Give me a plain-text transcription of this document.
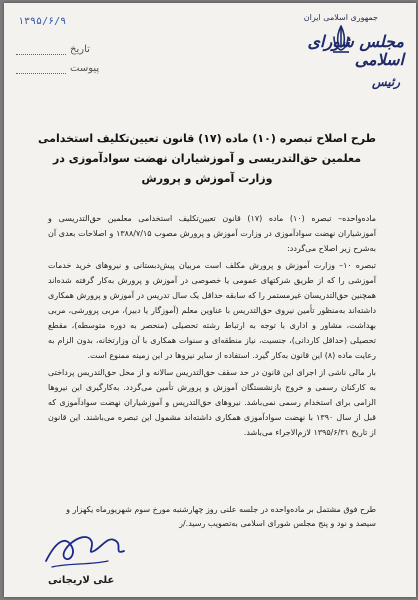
جمهوری اسلامی ایران
مجلس شورای اسلامی
رئیس
۱۳۹۵/۶/۹
تاریخ
پیوست

طرح اصلاح تبصره (۱۰) ماده (۱۷) قانون تعیین‌تکلیف استخدامی

معلمین حق‌التدریسی و آموزشیاران نهضت سوادآموزی در

وزارت آموزش و پرورش

ماده‌واحده– تبصره (۱۰) ماده (۱۷) قانون تعیین‌تکلیف استخدامی معلمین حق‌التدریسی و آموزشیاران نهضت سوادآموزی در وزارت آموزش و پرورش مصوب ۱۳۸۸/۷/۱۵ و اصلاحات بعدی آن به‌شرح زیر اصلاح می‌گردد:

تبصره ۱۰– وزارت آموزش و پرورش مکلف است مربیان پیش‌دبستانی و نیروهای خرید خدمات آموزشی را که از طریق شرکتهای عمومی یا خصوصی در آموزش و پرورش به‌کار گرفته شده‌اند همچنین حق‌التدریسان غیرمستمر را که سابقه حداقل یک سال تدریس در آموزش و پرورش همکاری داشته‌اند به‌منظور تأمین نیروی حق‌التدریس با عناوین معلم (آموزگار یا دبیر)، مربی پرورشی، مربی بهداشت، مشاور و اداری با توجه به ارتباط رشته تحصیلی (منحصر به دوره متوسطه)، مقطع تحصیلی (حداقل کاردانی)، جنسیت، نیاز منطقه‌ای و سنوات همکاری با آن وزارتخانه، بدون الزام به رعایت ماده (۸) این قانون به‌کار گیرد. استفاده از سایر نیروها در این زمینه ممنوع است.

بار مالی ناشی از اجرای این قانون در حد سقف حق‌التدریس سالانه و از محل حق‌التدریس پرداختی به کارکنان رسمی و خروج بازنشستگان آموزش و پرورش تأمین می‌گردد. به‌کارگیری این نیروها الزامی برای استخدام رسمی نمی‌باشد. نیروهای حق‌التدریس و آموزشیاران نهضت سوادآموزی که قبل از سال ۱۳۹۰ با نهضت سوادآموزی همکاری داشته‌اند مشمول این تبصره می‌باشند. این قانون از تاریخ ۱۳۹۵/۶/۳۱ لازم‌الاجراء می‌باشد.

طرح فوق مشتمل بر ماده‌واحده در جلسه علنی روز چهارشنبه مورخ سوم شهریورماه یکهزار و سیصد و نود و پنج مجلس شورای اسلامی به‌تصویب رسید./ر
علی لاریجانی
